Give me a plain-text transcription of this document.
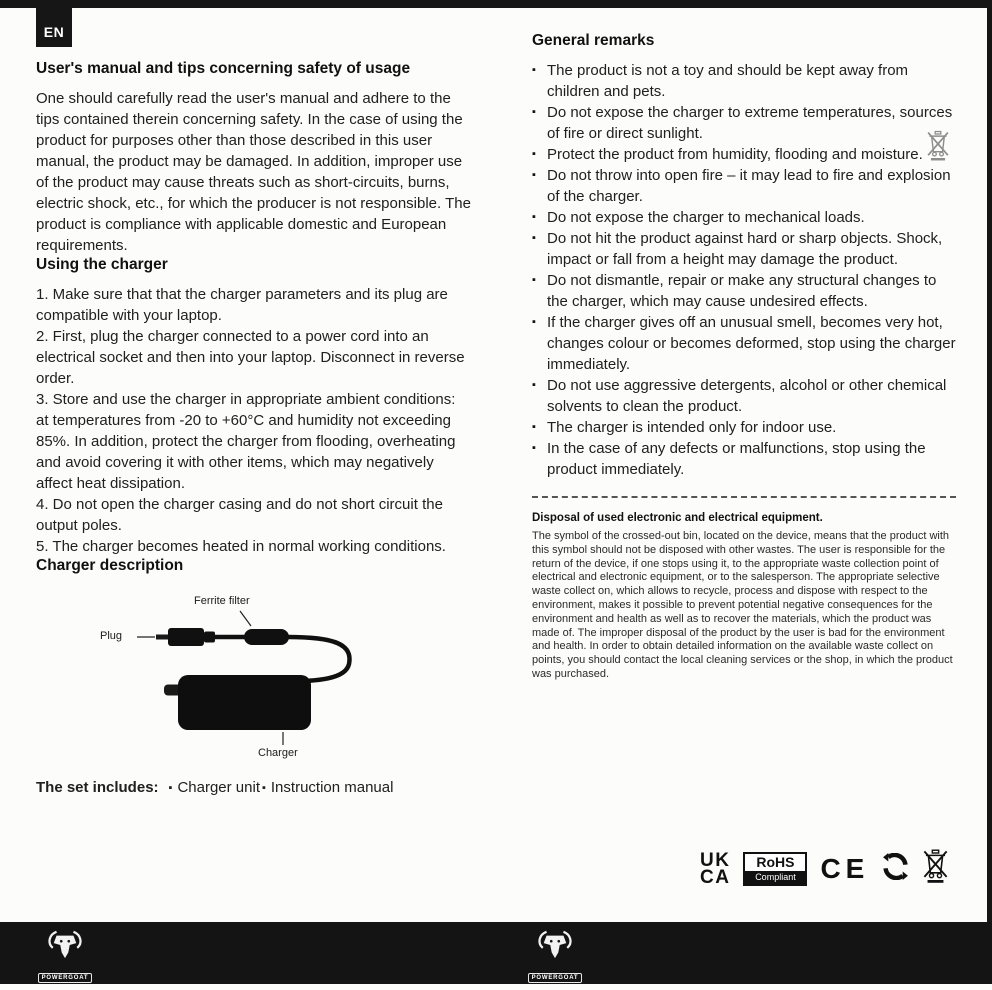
EN
User's manual and tips concerning safety of usage

One should carefully read the user's manual and adhere to the tips contained therein concerning safety. In the case of using the product for purposes other than those described in this user manual, the product may be damaged. In addition, improper use of the product may cause threats such as short-circuits, burns, electric shock, etc., for which the producer is not responsible. The product is compliance with applicable domestic and European requirements.

Using the charger

1. Make sure that that the charger parameters and its plug are compatible with your laptop.

2. First, plug the charger connected to a power cord into an electrical socket and then into your laptop. Disconnect in reverse order.

3. Store and use the charger in appropriate ambient conditions: at temperatures from -20 to +60°C and humidity not exceeding 85%. In addition, protect the charger from flooding, overheating and avoid covering it with other items, which may negatively affect heat dissipation.

4. Do not open the charger casing and do not short circuit the output poles.

5. The charger becomes heated in normal working conditions.

Charger description
Ferrite filter
Plug
Charger
The set includes: ▪ Charger unit ▪ Instruction manual
General remarks
▪ The product is not a toy and should be kept away from children and pets.
▪ Do not expose the charger to extreme temperatures, sources of fire or direct sunlight.
▪ Protect the product from humidity, flooding and moisture.
▪ Do not throw into open fire – it may lead to fire and explosion of the charger.
▪ Do not expose the charger to mechanical loads.
▪ Do not hit the product against hard or sharp objects. Shock, impact or fall from a height may damage the product.
▪ Do not dismantle, repair or make any structural changes to the charger, which may cause undesired effects.
▪ If the charger gives off an unusual smell, becomes very hot, changes colour or becomes deformed, stop using the charger immediately.
▪ Do not use aggressive detergents, alcohol or other chemical solvents to clean the product.
▪ The charger is intended only for indoor use.
▪ In the case of any defects or malfunctions, stop using the product immediately.
Disposal of used electronic and electrical equipment.

The symbol of the crossed-out bin, located on the device, means that the product with this symbol should not be disposed with other wastes. The user is responsible for the return of the device, if one stops using it, to the appropriate waste collection point of electrical and electronic equipment, or to the salesperson. The appropriate selective waste collect on, which allows to recycle, process and dispose with respect to the environment, makes it possible to prevent potential negative consequences for the environment and health as well as to recover the materials, which the product was made of. The improper disposal of the product by the user is bad for the environment and health. In order to obtain detailed information on the available waste collect on points, you should contact the local cleaning services or the shop, in which the product was purchased.

UK
CA
RoHS
Compliant CE
POWERGOAT	POWERGOAT
